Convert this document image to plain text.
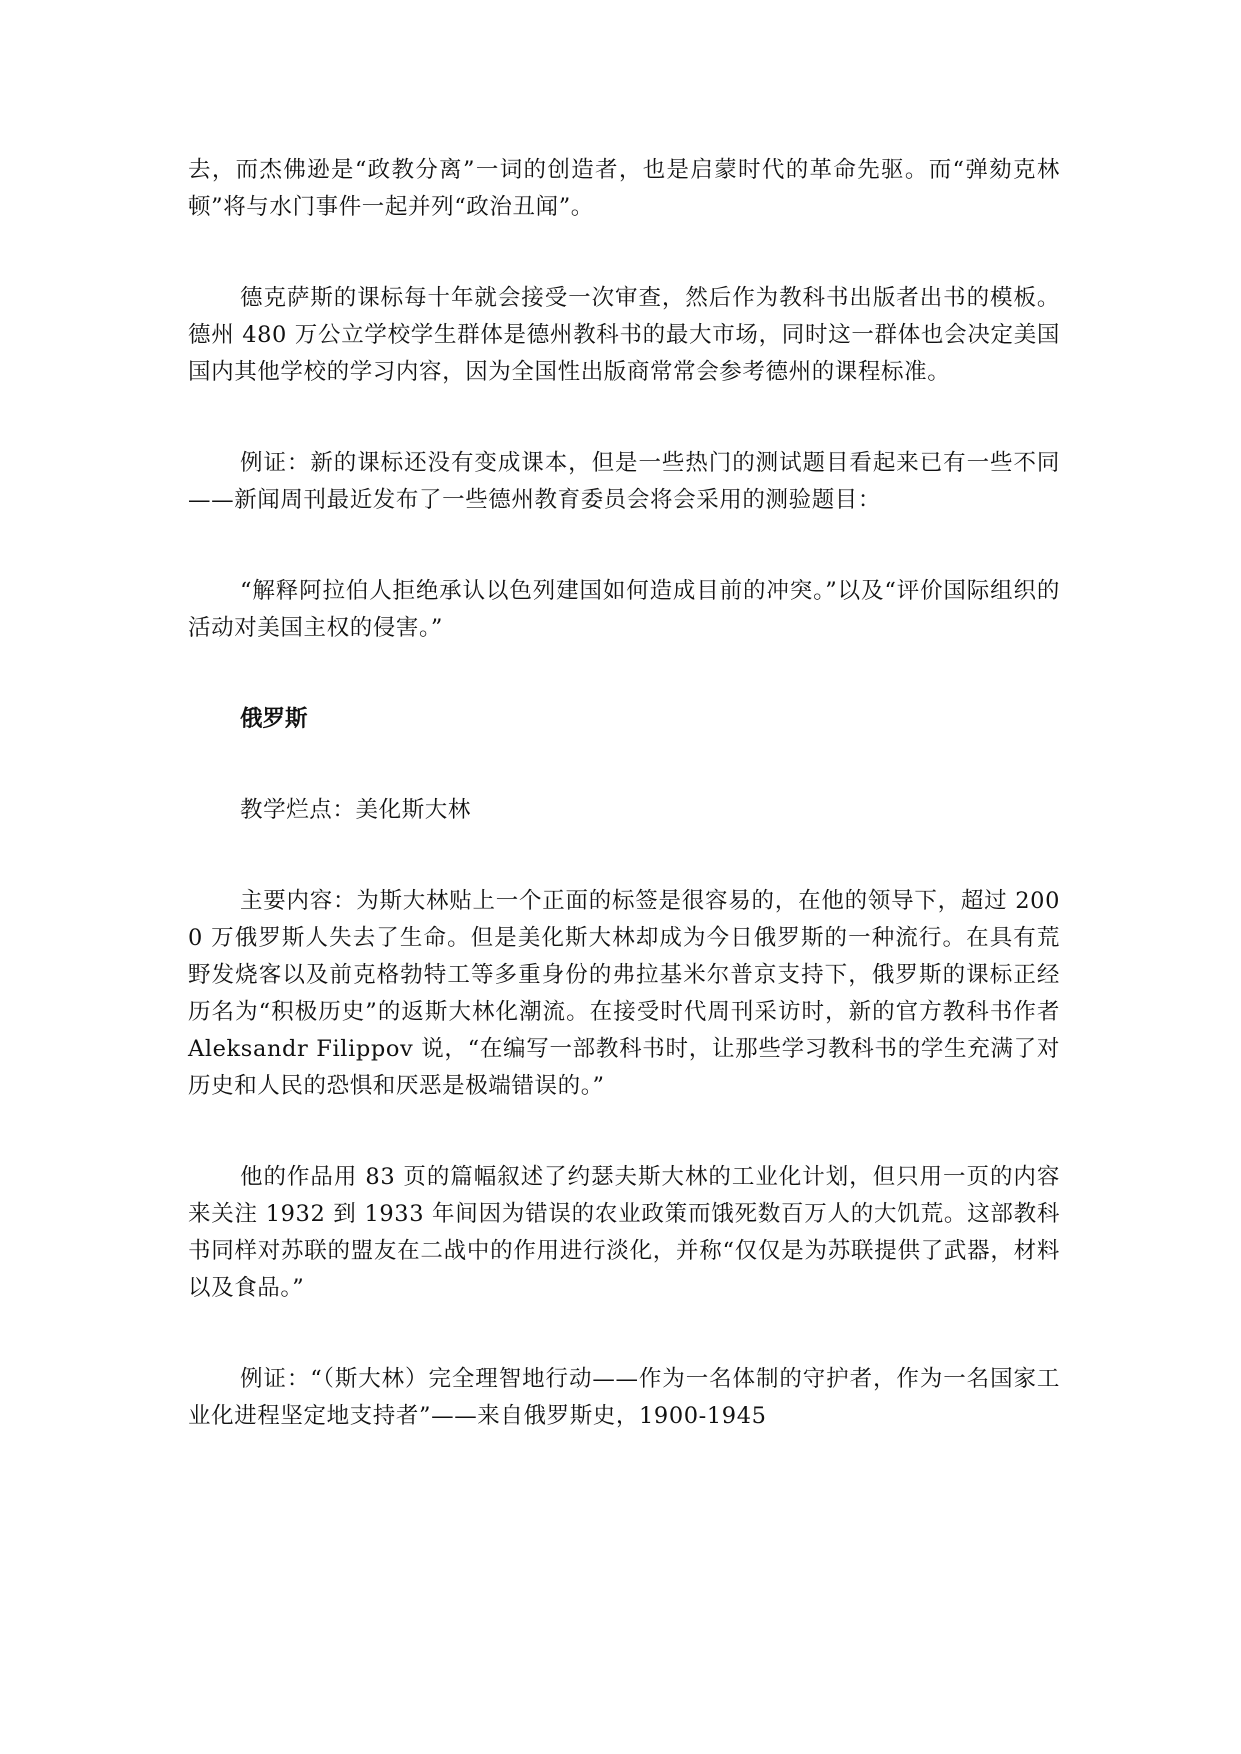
去，而杰佛逊是“政教分离”一词的创造者，也是启蒙时代的革命先驱。而“弹劾克林顿”将与水门事件一起并列“政治丑闻”。

德克萨斯的课标每十年就会接受一次审查，然后作为教科书出版者出书的模板。德州 480 万公立学校学生群体是德州教科书的最大市场，同时这一群体也会决定美国国内其他学校的学习内容，因为全国性出版商常常会参考德州的课程标准。

例证：新的课标还没有变成课本，但是一些热门的测试题目看起来已有一些不同——新闻周刊最近发布了一些德州教育委员会将会采用的测验题目：

“解释阿拉伯人拒绝承认以色列建国如何造成目前的冲突。”以及“评价国际组织的活动对美国主权的侵害。”

俄罗斯

教学烂点：美化斯大林

主要内容：为斯大林贴上一个正面的标签是很容易的，在他的领导下，超过 2000 万俄罗斯人失去了生命。但是美化斯大林却成为今日俄罗斯的一种流行。在具有荒野发烧客以及前克格勃特工等多重身份的弗拉基米尔普京支持下，俄罗斯的课标正经历名为“积极历史”的返斯大林化潮流。在接受时代周刊采访时，新的官方教科书作者 Aleksandr Filippov 说，“在编写一部教科书时，让那些学习教科书的学生充满了对历史和人民的恐惧和厌恶是极端错误的。”

他的作品用 83 页的篇幅叙述了约瑟夫斯大林的工业化计划，但只用一页的内容来关注 1932 到 1933 年间因为错误的农业政策而饿死数百万人的大饥荒。这部教科书同样对苏联的盟友在二战中的作用进行淡化，并称“仅仅是为苏联提供了武器，材料以及食品。”

例证：“（斯大林）完全理智地行动——作为一名体制的守护者，作为一名国家工业化进程坚定地支持者”——来自俄罗斯史，1900-1945
